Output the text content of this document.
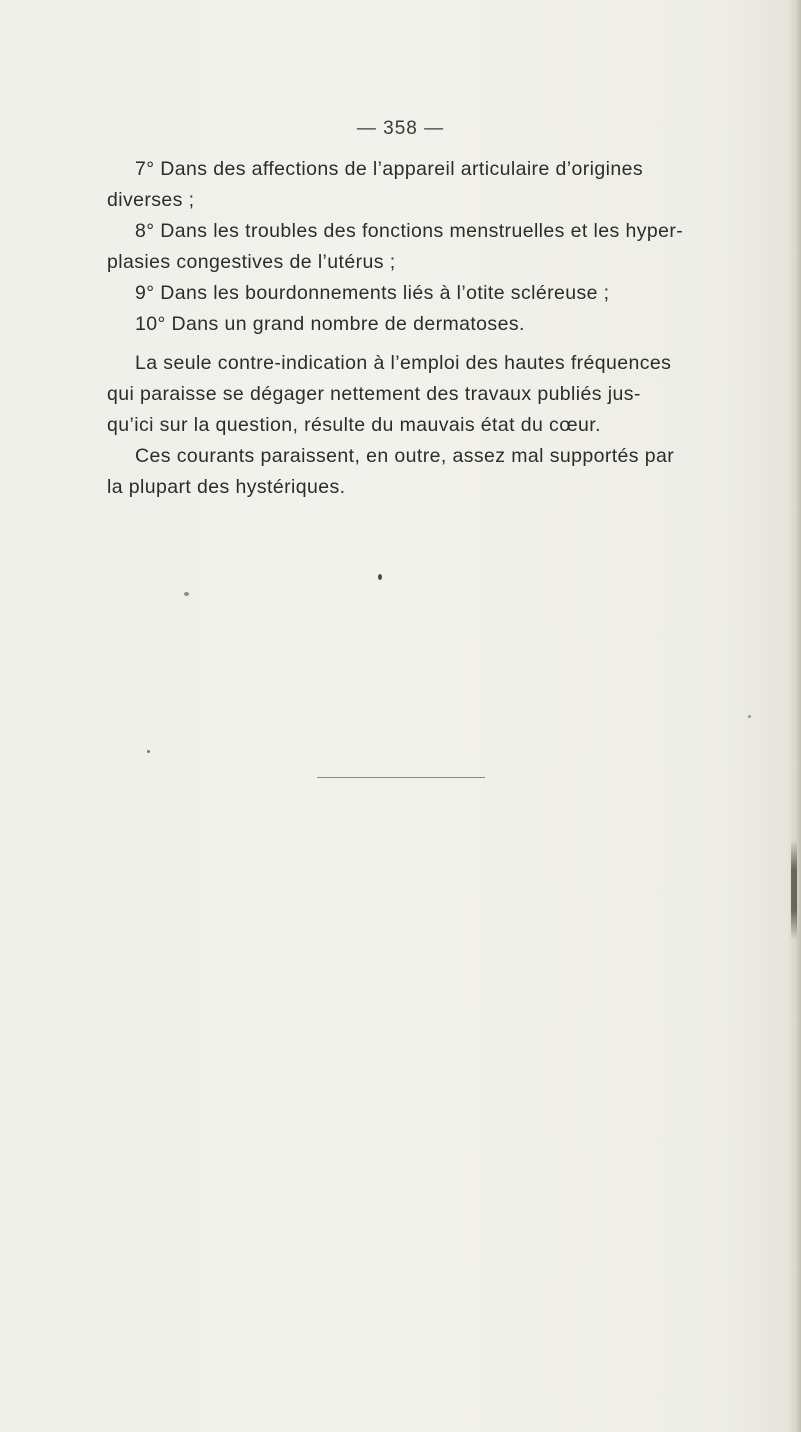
— 358 —
7° Dans des affections de l’appareil articulaire d’origines
diverses ;
8° Dans les troubles des fonctions menstruelles et les hyper-
plasies congestives de l’utérus ;
9° Dans les bourdonnements liés à l’otite scléreuse ;
10° Dans un grand nombre de dermatoses.
La seule contre-indication à l’emploi des hautes fréquences
qui paraisse se dégager nettement des travaux publiés jus-
qu’ici sur la question, résulte du mauvais état du cœur.
Ces courants paraissent, en outre, assez mal supportés par
la plupart des hystériques.
